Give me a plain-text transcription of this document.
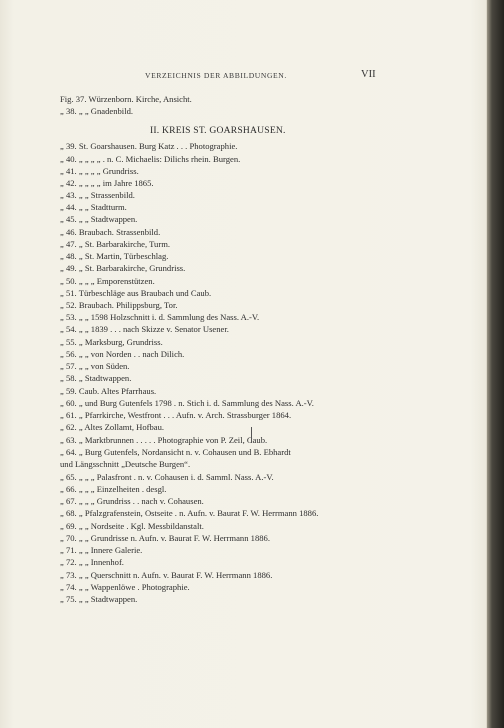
VERZEICHNIS DER ABBILDUNGEN.	VII
II. KREIS ST. GOARSHAUSEN.
Fig. 37. Würzenborn. Kirche, Ansicht.
„ 38. „ „ Gnadenbild.
„ 39. St. Goarshausen. Burg Katz . . . Photographie.
„ 40. „ „ „ „ . n. C. Michaelis: Dilichs rhein. Burgen.
„ 41. „ „ „ „ Grundriss.
„ 42. „ „ „ „ im Jahre 1865.
„ 43. „ „ Strassenbild.
„ 44. „ „ Stadtturm.
„ 45. „ „ Stadtwappen.
„ 46. Braubach. Strassenbild.
„ 47. „ St. Barbarakirche, Turm.
„ 48. „ St. Martin, Türbeschlag.
„ 49. „ St. Barbarakirche, Grundriss.
„ 50. „ „ „ Emporenstützen.
„ 51. Türbeschläge aus Braubach und Caub.
„ 52. Braubach. Philippsburg, Tor.
„ 53. „ „ 1598 Holzschnitt i. d. Sammlung des Nass. A.-V.
„ 54. „ „ 1839 . . . nach Skizze v. Senator Usener.
„ 55. „ Marksburg, Grundriss.
„ 56. „ „ von Norden . . nach Dilich.
„ 57. „ „ von Süden.
„ 58. „ Stadtwappen.
„ 59. Caub. Altes Pfarrhaus.
„ 60. „ und Burg Gutenfels 1798 . n. Stich i. d. Sammlung des Nass. A.-V.
„ 61. „ Pfarrkirche, Westfront . . . Aufn. v. Arch. Strassburger 1864.
„ 62. „ Altes Zollamt, Hofbau.
„ 63. „ Marktbrunnen . . . . . Photographie von P. Zeil, Caub.
„ 64. „ Burg Gutenfels, Nordansicht n. v. Cohausen und B. Ebhardt
und Längsschnitt „Deutsche Burgen“.
„ 65. „ „ „ Palasfront . n. v. Cohausen i. d. Samml. Nass. A.-V.
„ 66. „ „ „ Einzelheiten . desgl.
„ 67. „ „ „ Grundriss . . nach v. Cohausen.
„ 68. „ Pfalzgrafenstein, Ostseite . n. Aufn. v. Baurat F. W. Herrmann 1886.
„ 69. „ „ Nordseite . Kgl. Messbildanstalt.
„ 70. „ „ Grundrisse n. Aufn. v. Baurat F. W. Herrmann 1886.
„ 71. „ „ Innere Galerie.
„ 72. „ „ Innenhof.
„ 73. „ „ Querschnitt n. Aufn. v. Baurat F. W. Herrmann 1886.
„ 74. „ „ Wappenlöwe . Photographie.
„ 75. „ „ Stadtwappen.
